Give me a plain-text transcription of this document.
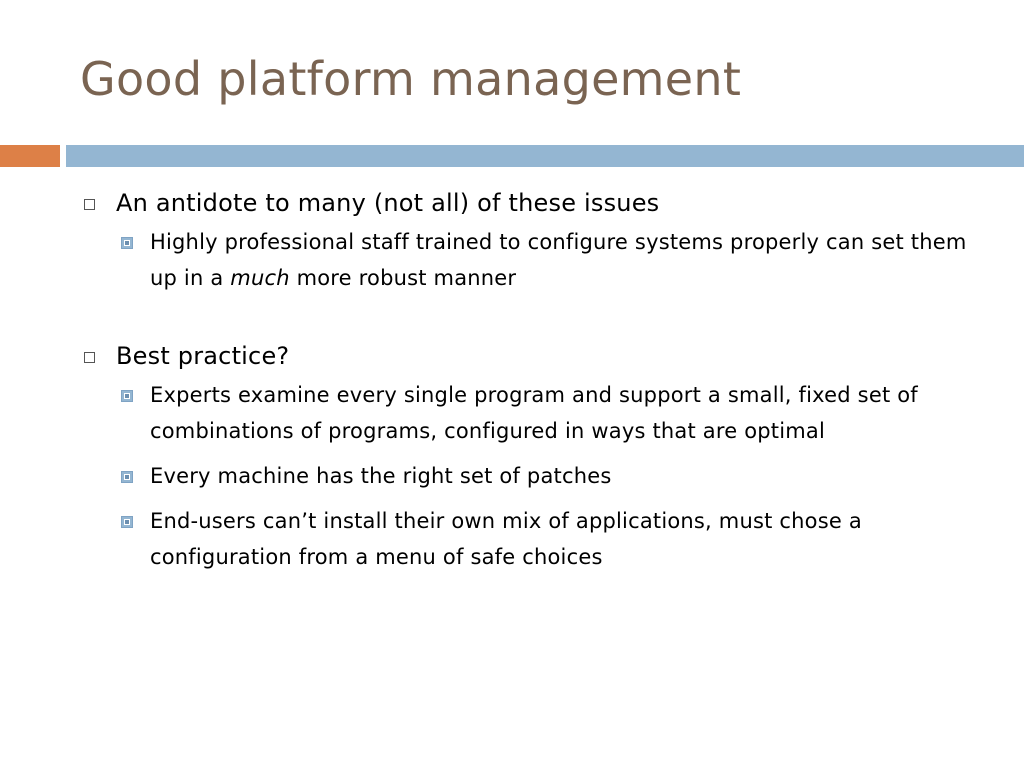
Good platform management
An antidote to many (not all) of these issues
Highly professional staff trained to configure systems properly can set them up in a much more robust manner
Best practice?
Experts examine every single program and support a small, fixed set of combinations of programs, configured in ways that are optimal
Every machine has the right set of patches
End-users can’t install their own mix of applications, must chose a configuration from a menu of safe choices
